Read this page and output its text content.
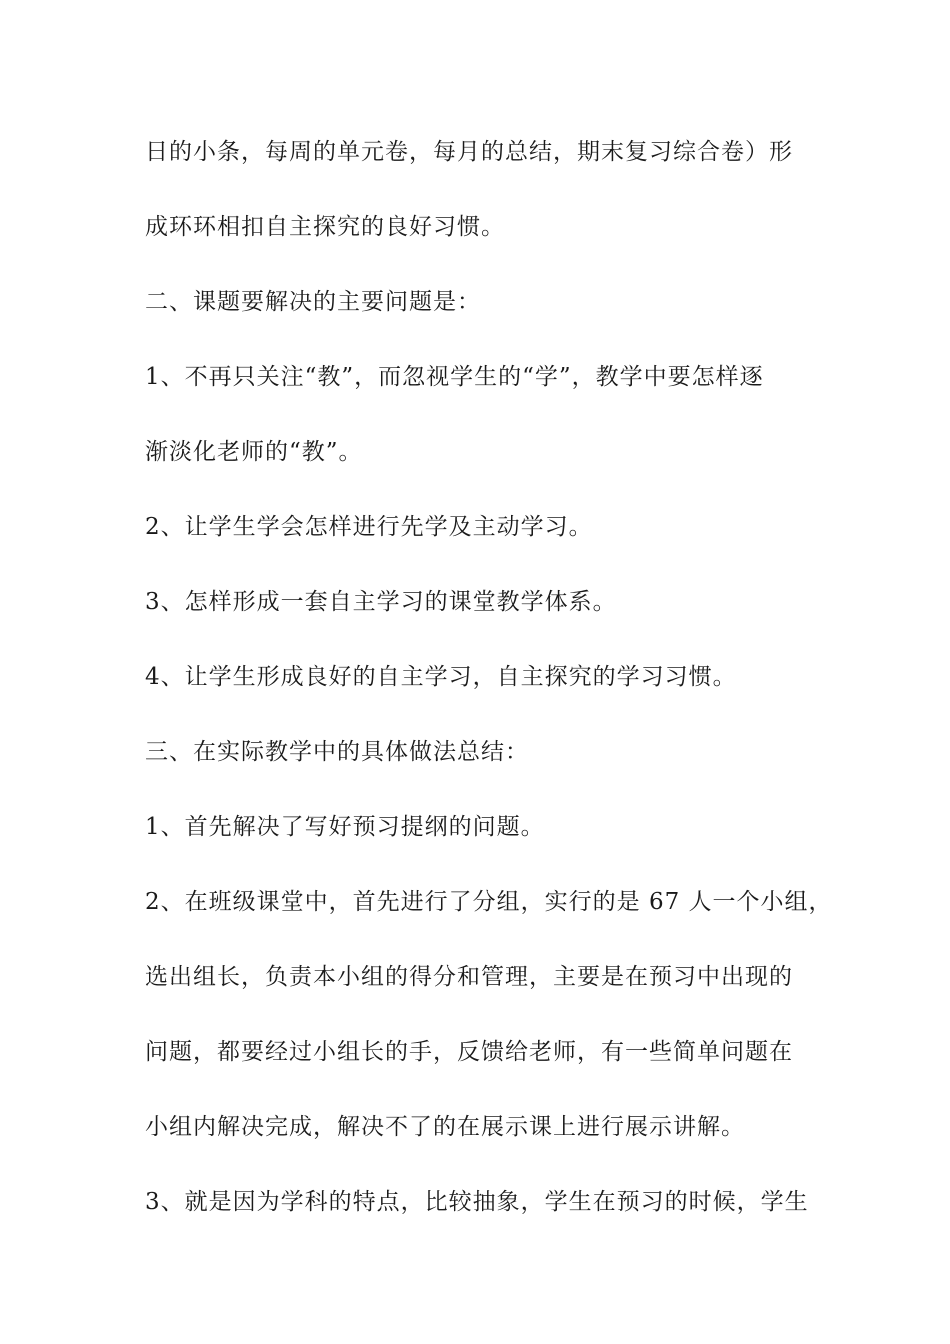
日的小条，每周的单元卷，每月的总结，期末复习综合卷）形
成环环相扣自主探究的良好习惯。
二、课题要解决的主要问题是：
1、不再只关注“教”，而忽视学生的“学”，教学中要怎样逐
渐淡化老师的“教”。
2、让学生学会怎样进行先学及主动学习。
3、怎样形成一套自主学习的课堂教学体系。
4、让学生形成良好的自主学习，自主探究的学习习惯。
三、在实际教学中的具体做法总结：
1、首先解决了写好预习提纲的问题。
2、在班级课堂中，首先进行了分组，实行的是 67 人一个小组，
选出组长，负责本小组的得分和管理，主要是在预习中出现的
问题，都要经过小组长的手，反馈给老师，有一些简单问题在
小组内解决完成，解决不了的在展示课上进行展示讲解。
3、就是因为学科的特点，比较抽象，学生在预习的时候，学生
